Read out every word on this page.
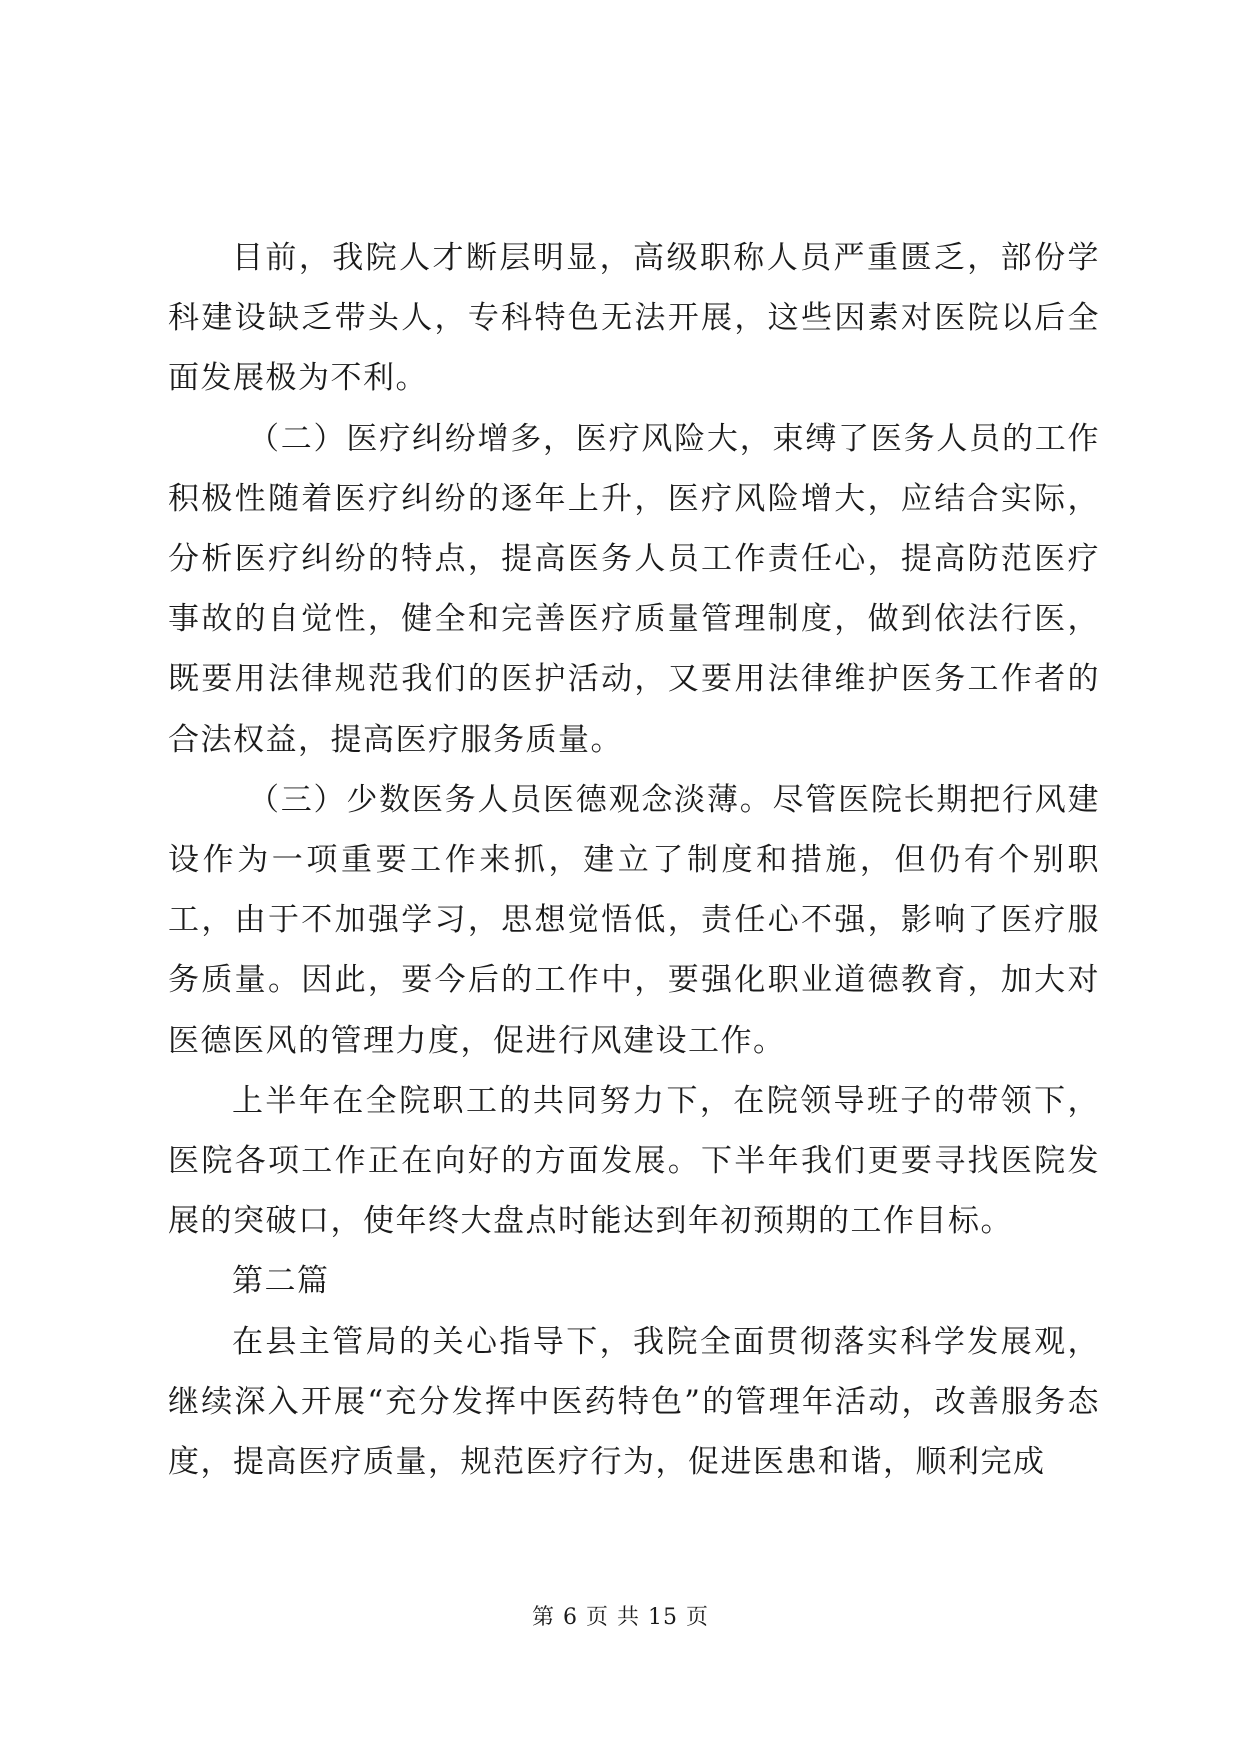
目前，我院人才断层明显，高级职称人员严重匮乏，部份学科建设缺乏带头人，专科特色无法开展，这些因素对医院以后全面发展极为不利。

（二）医疗纠纷增多，医疗风险大，束缚了医务人员的工作积极性随着医疗纠纷的逐年上升，医疗风险增大，应结合实际，分析医疗纠纷的特点，提高医务人员工作责任心，提高防范医疗事故的自觉性，健全和完善医疗质量管理制度，做到依法行医，既要用法律规范我们的医护活动，又要用法律维护医务工作者的合法权益，提高医疗服务质量。

（三）少数医务人员医德观念淡薄。尽管医院长期把行风建设作为一项重要工作来抓，建立了制度和措施，但仍有个别职工，由于不加强学习，思想觉悟低，责任心不强，影响了医疗服务质量。因此，要今后的工作中，要强化职业道德教育，加大对医德医风的管理力度，促进行风建设工作。

上半年在全院职工的共同努力下，在院领导班子的带领下，医院各项工作正在向好的方面发展。下半年我们更要寻找医院发展的突破口，使年终大盘点时能达到年初预期的工作目标。

第二篇

在县主管局的关心指导下，我院全面贯彻落实科学发展观，继续深入开展“充分发挥中医药特色”的管理年活动，改善服务态度，提高医疗质量，规范医疗行为，促进医患和谐，顺利完成

第 6 页 共 15 页
